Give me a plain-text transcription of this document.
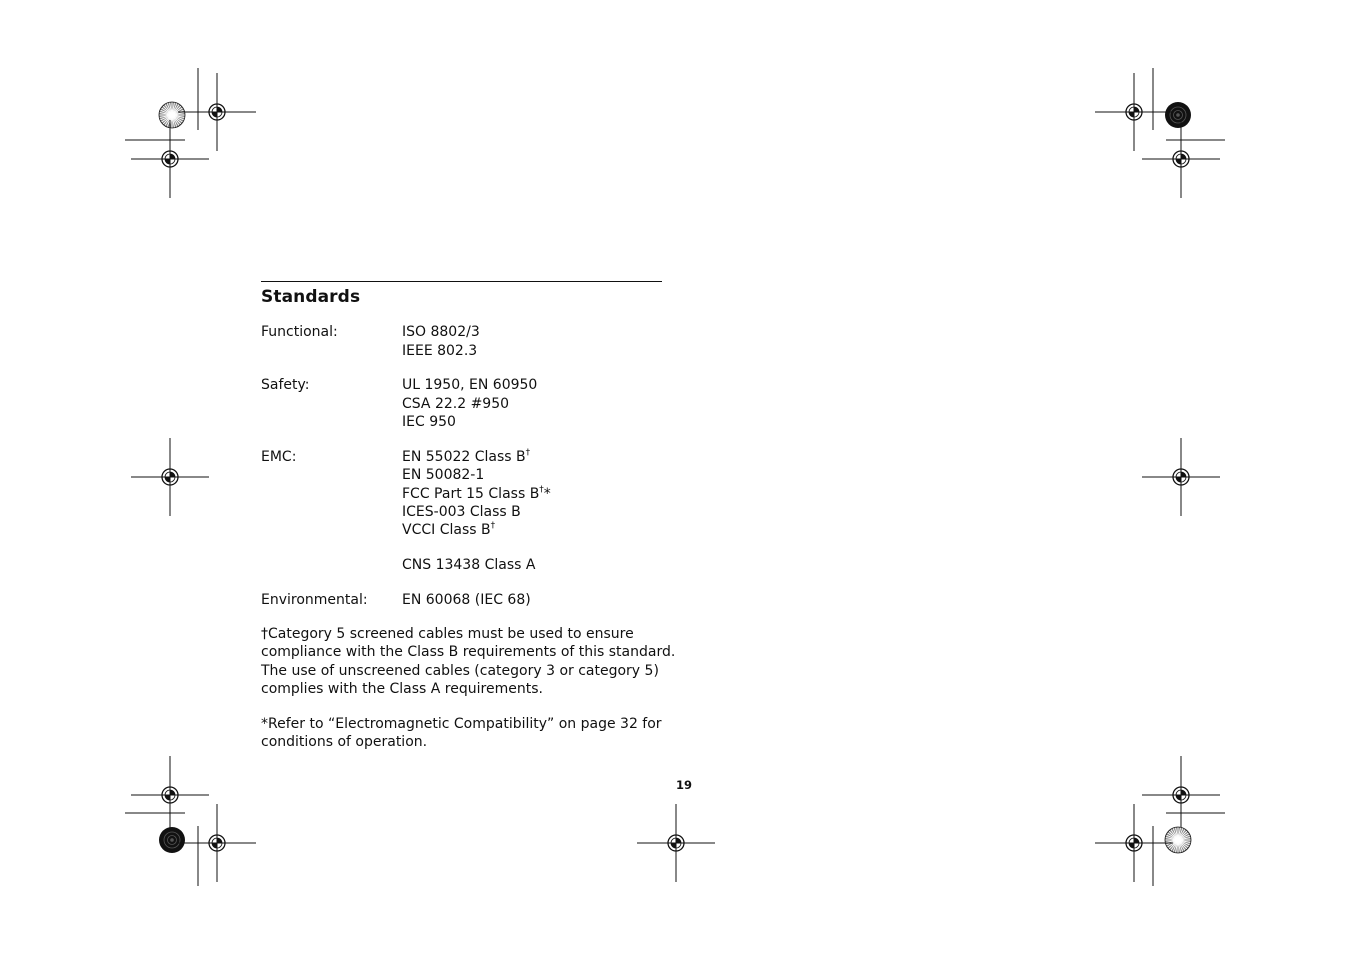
Standards
Functional:	ISO 8802/3
IEEE 802.3
Safety:	UL 1950, EN 60950
CSA 22.2 #950
IEC 950
EMC:	EN 55022 Class B†
EN 50082-1
FCC Part 15 Class B†*
ICES-003 Class B
VCCI Class B†
CNS 13438 Class A
Environmental: EN 60068 (IEC 68)
†Category 5 screened cables must be used to ensure
compliance with the Class B requirements of this standard.
The use of unscreened cables (category 3 or category 5)
complies with the Class A requirements.
*Refer to “Electromagnetic Compatibility” on page 32 for
conditions of operation.
19
